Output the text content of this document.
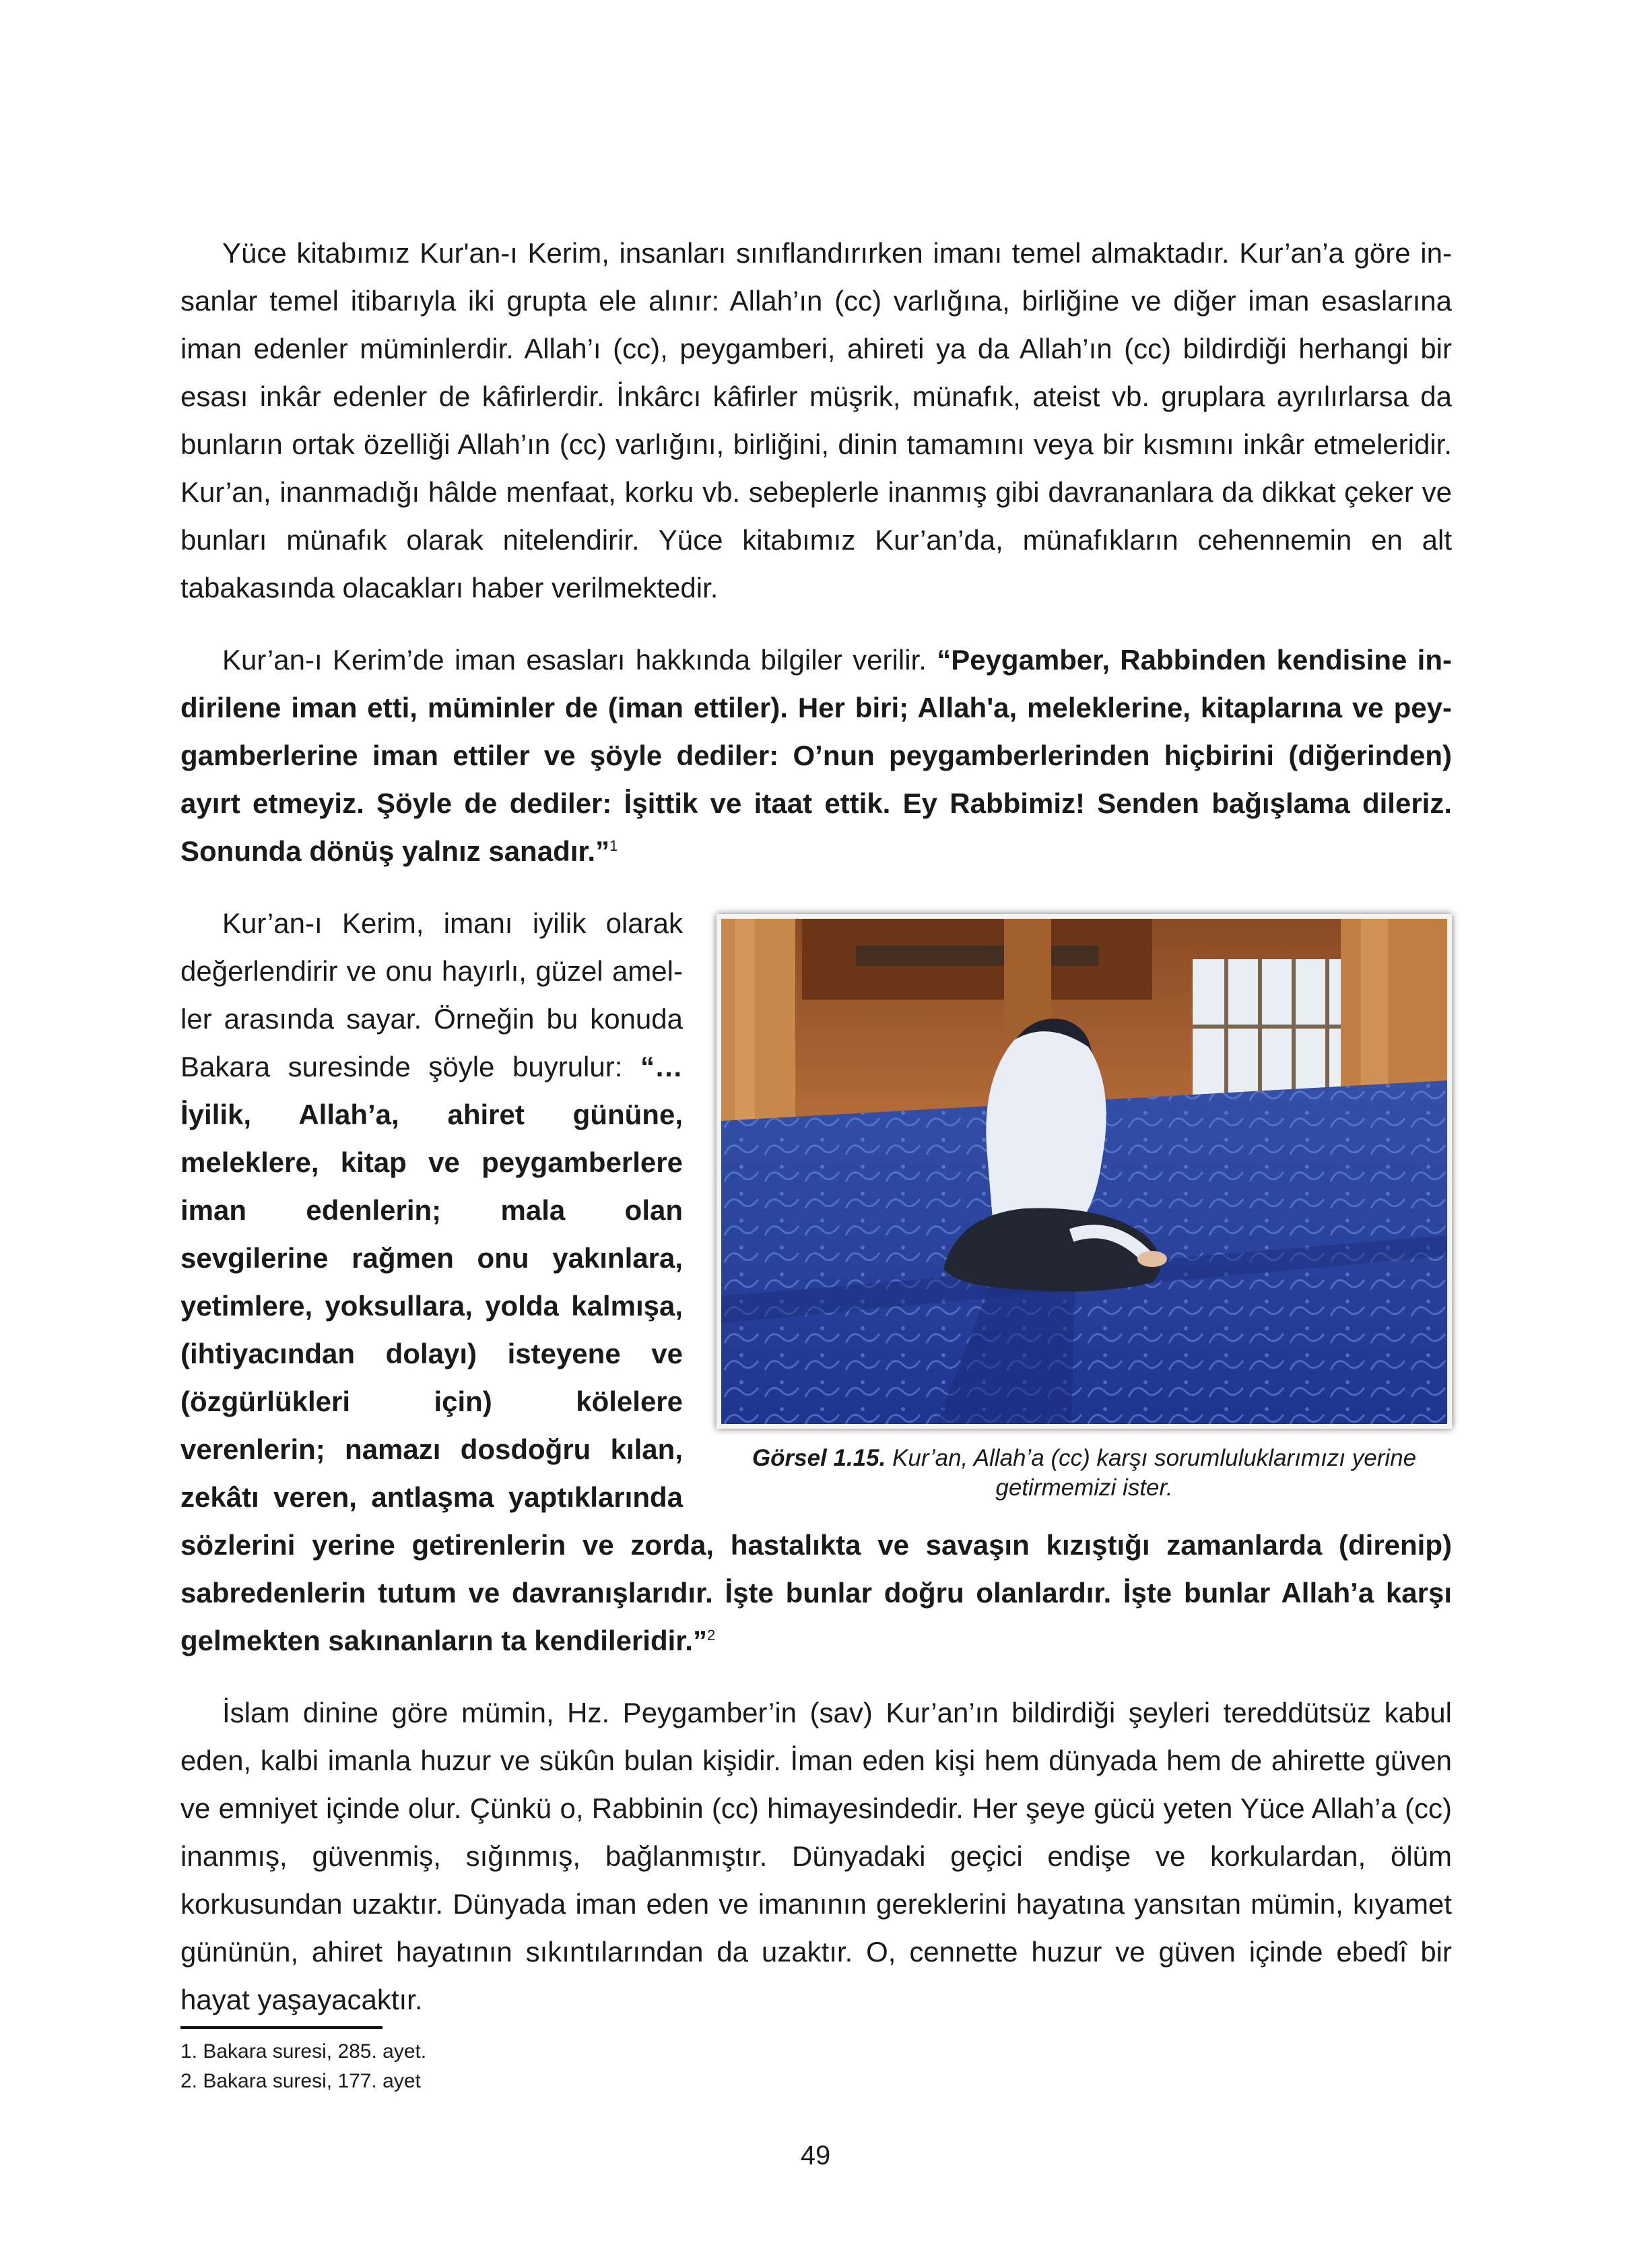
Yüce kitabımız Kur'an-ı Kerim, insanları sınıflandırırken imanı temel almaktadır. Kur’an’a göre insanlar temel itibarıyla iki grupta ele alınır: Allah’ın (cc) varlığına, birliğine ve diğer iman esaslarına iman edenler müminlerdir. Allah’ı (cc), peygamberi, ahireti ya da Allah’ın (cc) bildirdiği herhangi bir esası inkâr edenler de kâfirlerdir. İnkârcı kâfirler müşrik, münafık, ateist vb. gruplara ayrılırlarsa da bunların ortak özelliği Allah’ın (cc) varlığını, birliğini, dinin tamamını veya bir kısmını inkâr etmeleridir. Kur’an, inanmadığı hâlde menfaat, korku vb. sebeplerle inanmış gibi davrananlara da dikkat çeker ve bunları münafık olarak nitelendirir. Yüce kitabımız Kur’an’da, münafıkların cehennemin en alt tabakasında olacakları haber verilmektedir.

Kur’an-ı Kerim’de iman esasları hakkında bilgiler verilir. “Peygamber, Rabbinden kendisine indirilene iman etti, müminler de (iman ettiler). Her biri; Allah'a, meleklerine, kitaplarına ve peygamberlerine iman ettiler ve şöyle dediler: O’nun peygamberlerinden hiçbirini (diğerinden) ayırt etmeyiz. Şöyle de dediler: İşittik ve itaat ettik. Ey Rabbimiz! Senden bağışlama dileriz. Sonunda dönüş yalnız sanadır.”$^1$

Görsel 1.15. Kur’an, Allah’a (cc) karşı sorumluluklarımızı yerine getirmemizi ister.

Kur’an-ı Kerim, imanı iyilik olarak değerlendirir ve onu hayırlı, güzel ameller arasında sayar. Örneğin bu konuda Bakara suresinde şöyle buyrulur: “…İyilik, Allah’a, ahiret gününe, meleklere, kitap ve peygamberlere iman edenlerin; mala olan sevgilerine rağmen onu yakınlara, yetimlere, yoksullara, yolda kalmışa, (ihtiyacından dolayı) isteyene ve (özgürlükleri için) kölelere verenlerin; namazı dosdoğru kılan, zekâtı veren, antlaşma yaptıklarında sözlerini yerine getirenlerin ve zorda, hastalıkta ve savaşın kızıştığı zamanlarda (direnip) sabredenlerin tutum ve davranışlarıdır. İşte bunlar doğru olanlardır. İşte bunlar Allah’a karşı gelmekten sakınanların ta kendileridir.”$^2$

İslam dinine göre mümin, Hz. Peygamber’in (sav) Kur’an’ın bildirdiği şeyleri tereddütsüz kabul eden, kalbi imanla huzur ve sükûn bulan kişidir. İman eden kişi hem dünyada hem de ahirette güven ve emniyet içinde olur. Çünkü o, Rabbinin (cc) himayesindedir. Her şeye gücü yeten Yüce Allah’a (cc) inanmış, güvenmiş, sığınmış, bağlanmıştır. Dünyadaki geçici endişe ve korkulardan, ölüm korkusundan uzaktır. Dünyada iman eden ve imanının gereklerini hayatına yansıtan mümin, kıyamet gününün, ahiret hayatının sıkıntılarından da uzaktır. O, cennette huzur ve güven içinde ebedî bir hayat yaşayacaktır.

1. Bakara suresi, 285. ayet.
2. Bakara suresi, 177. ayet
49
